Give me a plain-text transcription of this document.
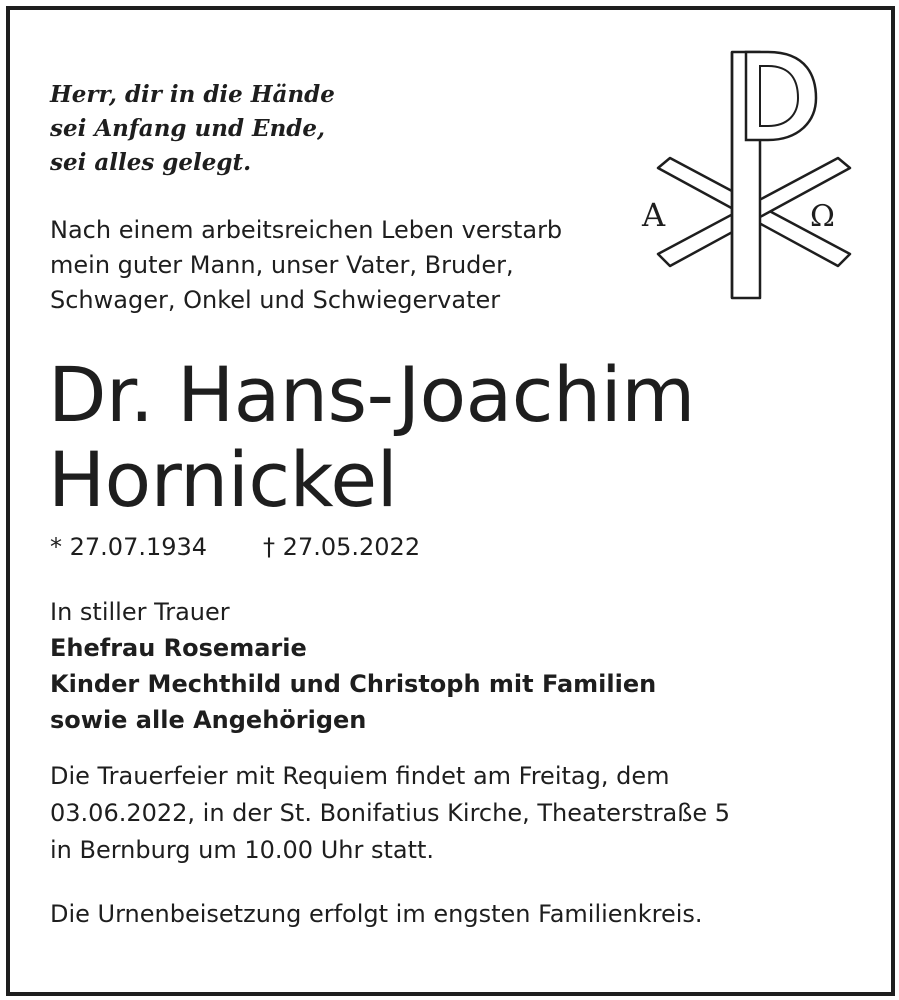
Herr, dir in die Hände
sei Anfang und Ende,
sei alles gelegt.
A	Ω
Nach einem arbeitsreichen Leben verstarb
mein guter Mann, unser Vater, Bruder,
Schwager, Onkel und Schwiegervater
Dr. Hans-Joachim
Hornickel
* 27.07.1934 † 27.05.2022
In stiller Trauer
Ehefrau Rosemarie
Kinder Mechthild und Christoph mit Familien
sowie alle Angehörigen
Die Trauerfeier mit Requiem findet am Freitag, dem
03.06.2022, in der St. Bonifatius Kirche, Theaterstraße 5
in Bernburg um 10.00 Uhr statt.
Die Urnenbeisetzung erfolgt im engsten Familienkreis.
